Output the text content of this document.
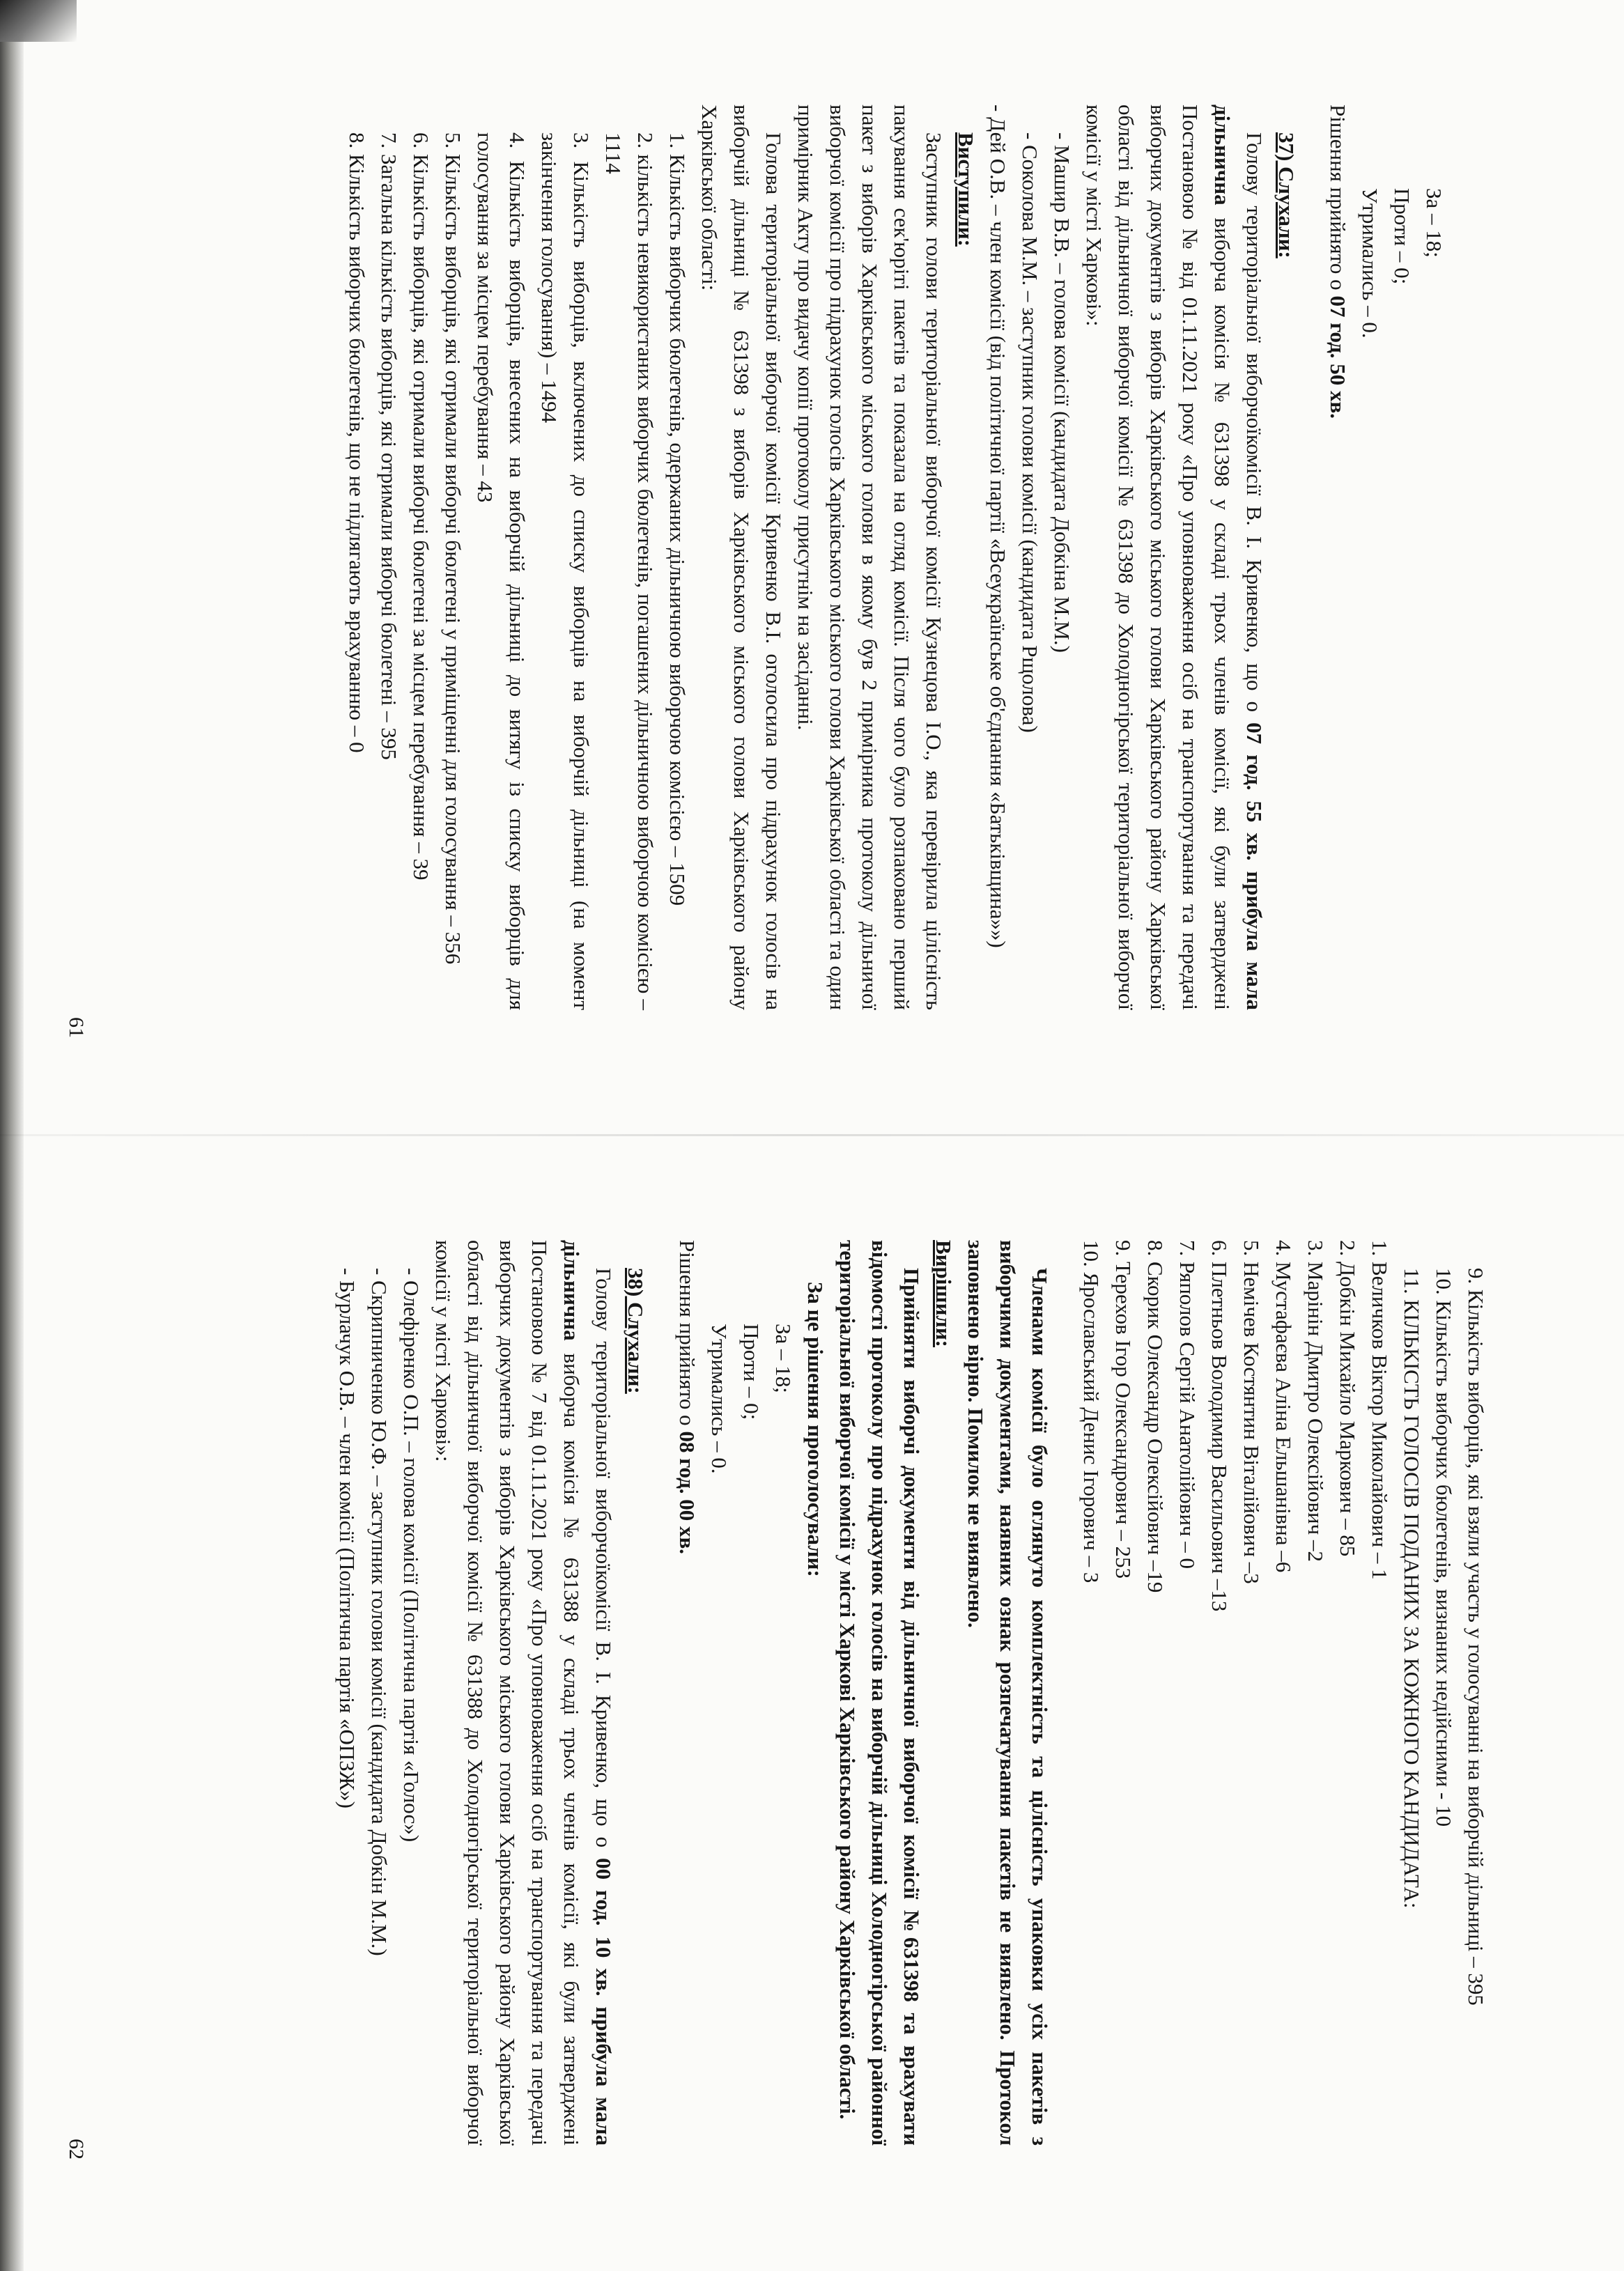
За – 18;

Проти – 0;

Утримались – 0.

Рішення прийнято о 07 год. 50 хв.

37) Слухали:

Голову територіальної виборчоїкомісії В. І. Кривенко, що о 07 год. 55 хв. прибула мала дільнична виборча комісія № 631398 у складі трьох членів комісії, які були затверджені Постановою № від 01.11.2021 року «Про уповноваження осіб на транспортування та передачі виборчих документів з виборів Харківського міського голови Харківського району Харківської області від дільничної виборчої комісії № 631398 до Холодногірської територіальної виборчої комісії у місті Харкові»:

- Машир В.В. – голова комісії (кандидата Добкіна М.М.)

- Соколова М.М. – заступник голови комісії (кандидата Рщолова)

- Дей О.В. – член комісії (від політичної партії «Всеукраїнське об'єднання «Батьківщина»»)

Виступили:

Заступник голови територіальної виборчої комісії Кузнецова І.О., яка перевірила цілісність пакування сек'юріті пакетів та показала на огляд комісії. Після чого було розпаковано перший пакет з виборів Харківського міського голови в якому був 2 примірника протоколу дільничої виборчої комісії про підрахунок голосів Харківського міського голови Харківської області та один примірник Акту про видачу копії протоколу присутнім на засіданні.

Голова територіальної виборчої комісії Кривенко В.І. оголосила про підрахунок голосів на виборчій дільниці № 631398 з виборів Харківського міського голови Харківського району Харківської області:

1. Кількість виборчих бюлетенів, одержаних дільничною виборчою комісією – 1509

2. кількість невикористаних виборчих бюлетенів, погашених дільничною виборчою комісією – 1114

3. Кількість виборців, включених до списку виборців на виборчій дільниці (на момент закінчення голосування) – 1494

4. Кількість виборців, внесених на виборчій дільниці до витягу із списку виборців для голосування за місцем перебування – 43

5. Кількість виборців, які отримали виборчі бюлетені у приміщенні для голосування – 356

6. Кількість виборців, які отримали виборчі бюлетені за місцем перебування – 39

7. Загальна кількість виборців, які отримали виборчі бюлетені – 395

8. Кількість виборчих бюлетенів, що не підлягають врахуванню – 0

61

9. Кількість виборців, які взяли участь у голосуванні на виборчій дільниці – 395

10. Кількість виборчих бюлетенів, визнаних недійсними - 10

11. КІЛЬКІСТЬ ГОЛОСІВ ПОДАНИХ ЗА КОЖНОГО КАНДИДАТА:

1. Величков Віктор Миколайович – 1

2. Добкін Михайло Маркович – 85

3. Марінін Дмитро Олексійович –2

4. Мустафаєва Аліна Ельшанівна –6

5. Немічев Костянтин Віталійович –3

6. Плетньов Володимир Васильович –13

7. Ряполов Сергій Анатолійович – 0

8. Скорик Олександр Олексійович –19

9. Терехов Ігор Олександрович – 253

10. Ярославський Денис Ігорович – 3

Членами комісії було оглянуто комплектність та цілісність упаковки усіх пакетів з виборчими документами, наявних ознак розпечатування пакетів не виявлено. Протокол заповнено вірно. Помилок не виявлено.

Вирішили:

Прийняти виборчі документи від дільничної виборчої комісії №631398 та врахувати відомості протоколу про підрахунок голосів на виборчій дільниці Холодногірської районної територіальної виборчої комісії у місті Харкові Харківського району Харківської області.

За це рішення проголосували:

За – 18;

Проти – 0;

Утримались – 0.

Рішення прийнято о 08 год. 00 хв.

38) Слухали:

Голову територіальної виборчоїкомісії В. І. Кривенко, що о 00 год. 10 хв. прибула мала дільнична виборча комісія № 631388 у складі трьох членів комісії, які були затверджені Постановою № 7 від 01.11.2021 року «Про уповноваження осіб на транспортування та передачі виборчих документів з виборів Харківського міського голови Харківського району Харківської області від дільничної виборчої комісії № 631388 до Холодногірської територіальної виборчої комісії у місті Харкові»:

- Олефіренко О.П. – голова комісії (Політична партія «Голос»)

- Скрипниченко Ю.Ф. – заступник голови комісії (кандидата Добкін М.М.)

- Бурлачук О.В. – член комісії (Політична партія «ОПЗЖ»)

62
